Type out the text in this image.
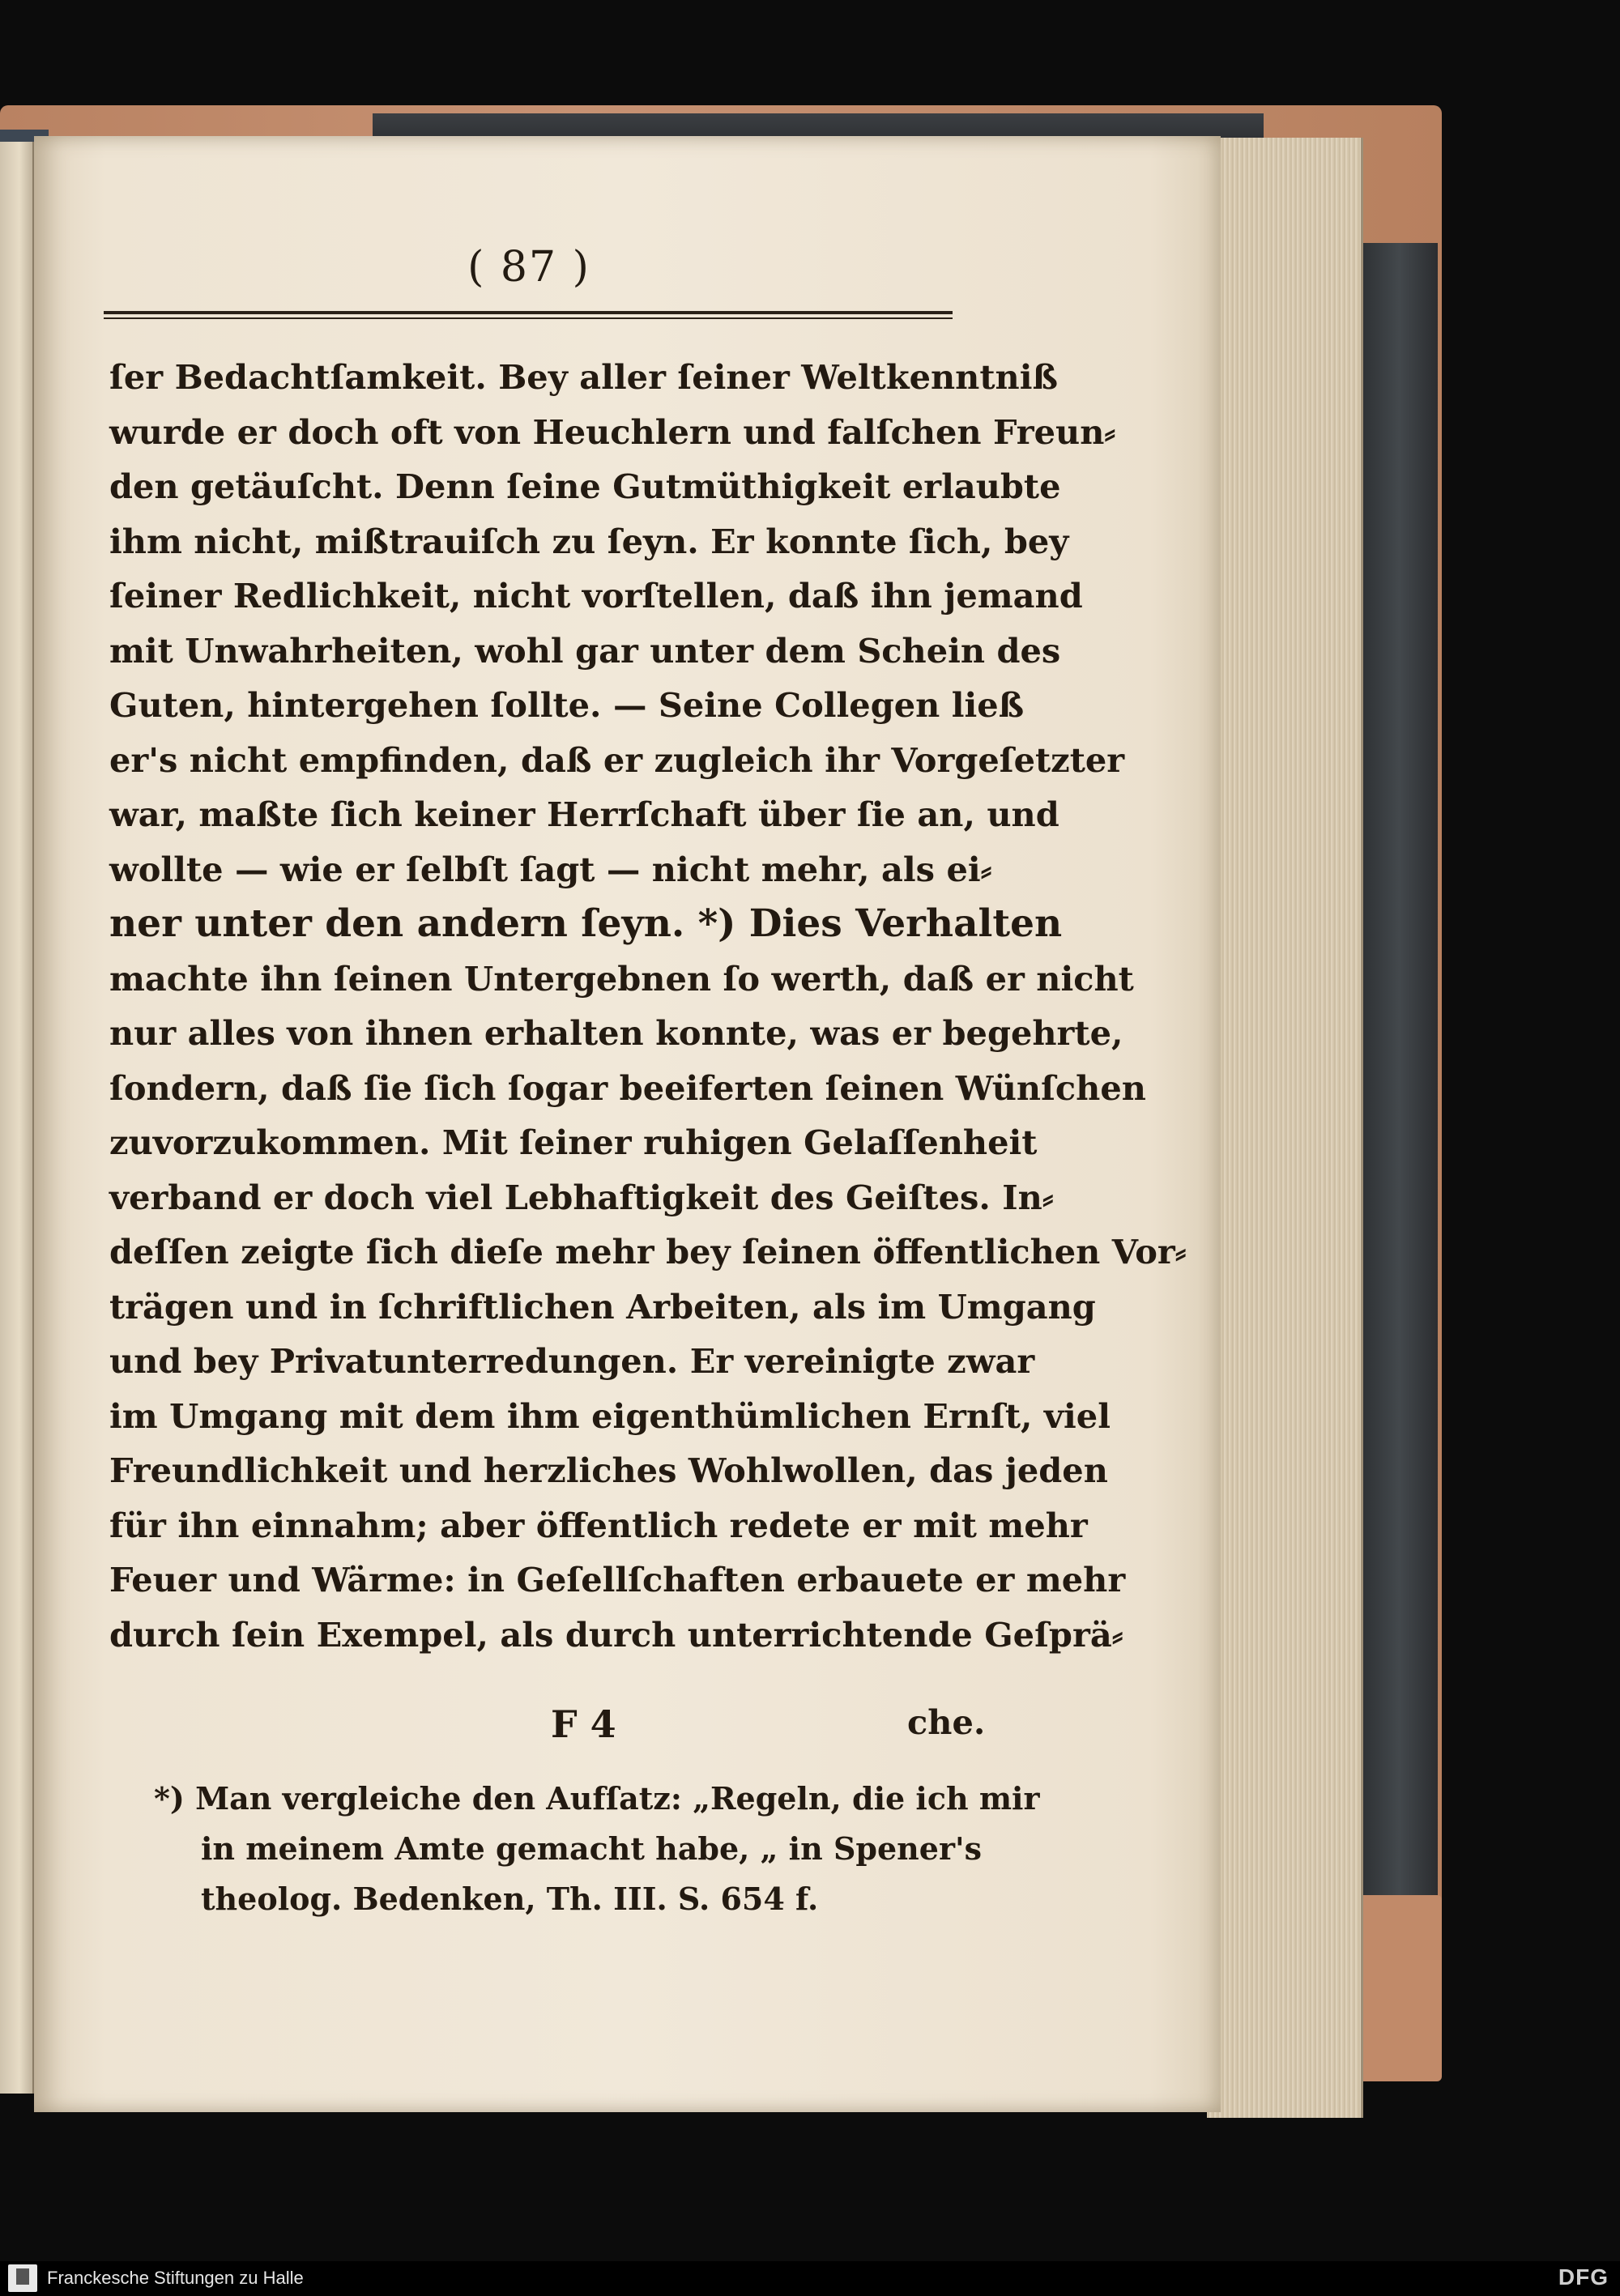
( 87 )
ſer Bedachtſamkeit. Bey aller ſeiner Weltkenntniß
wurde er doch oft von Heuchlern und falſchen Freun⸗
den getäuſcht. Denn ſeine Gutmüthigkeit erlaubte
ihm nicht, mißtrauiſch zu ſeyn. Er konnte ſich, bey
ſeiner Redlichkeit, nicht vorſtellen, daß ihn jemand
mit Unwahrheiten, wohl gar unter dem Schein des
Guten, hintergehen ſollte. — Seine Collegen ließ
er's nicht empfinden, daß er zugleich ihr Vorgeſetzter
war, maßte ſich keiner Herrſchaft über ſie an, und
wollte — wie er ſelbſt ſagt — nicht mehr, als ei⸗
ner unter den andern ſeyn. *) Dies Verhalten
machte ihn ſeinen Untergebnen ſo werth, daß er nicht
nur alles von ihnen erhalten konnte, was er begehrte,
ſondern, daß ſie ſich ſogar beeiferten ſeinen Wünſchen
zuvorzukommen. Mit ſeiner ruhigen Gelaſſenheit
verband er doch viel Lebhaftigkeit des Geiſtes. In⸗
deſſen zeigte ſich dieſe mehr bey ſeinen öffentlichen Vor⸗
trägen und in ſchriftlichen Arbeiten, als im Umgang
und bey Privatunterredungen. Er vereinigte zwar
im Umgang mit dem ihm eigenthümlichen Ernſt, viel
Freundlichkeit und herzliches Wohlwollen, das jeden
für ihn einnahm; aber öffentlich redete er mit mehr
Feuer und Wärme: in Geſellſchaften erbauete er mehr
durch ſein Exempel, als durch unterrichtende Geſprä⸗
F 4	che.
*) Man vergleiche den Aufſatz: „Regeln, die ich mir
in meinem Amte gemacht habe, „ in Spener's
theolog. Bedenken, Th. III. S. 654 f.
Franckesche Stiftungen zu Halle	DFG
